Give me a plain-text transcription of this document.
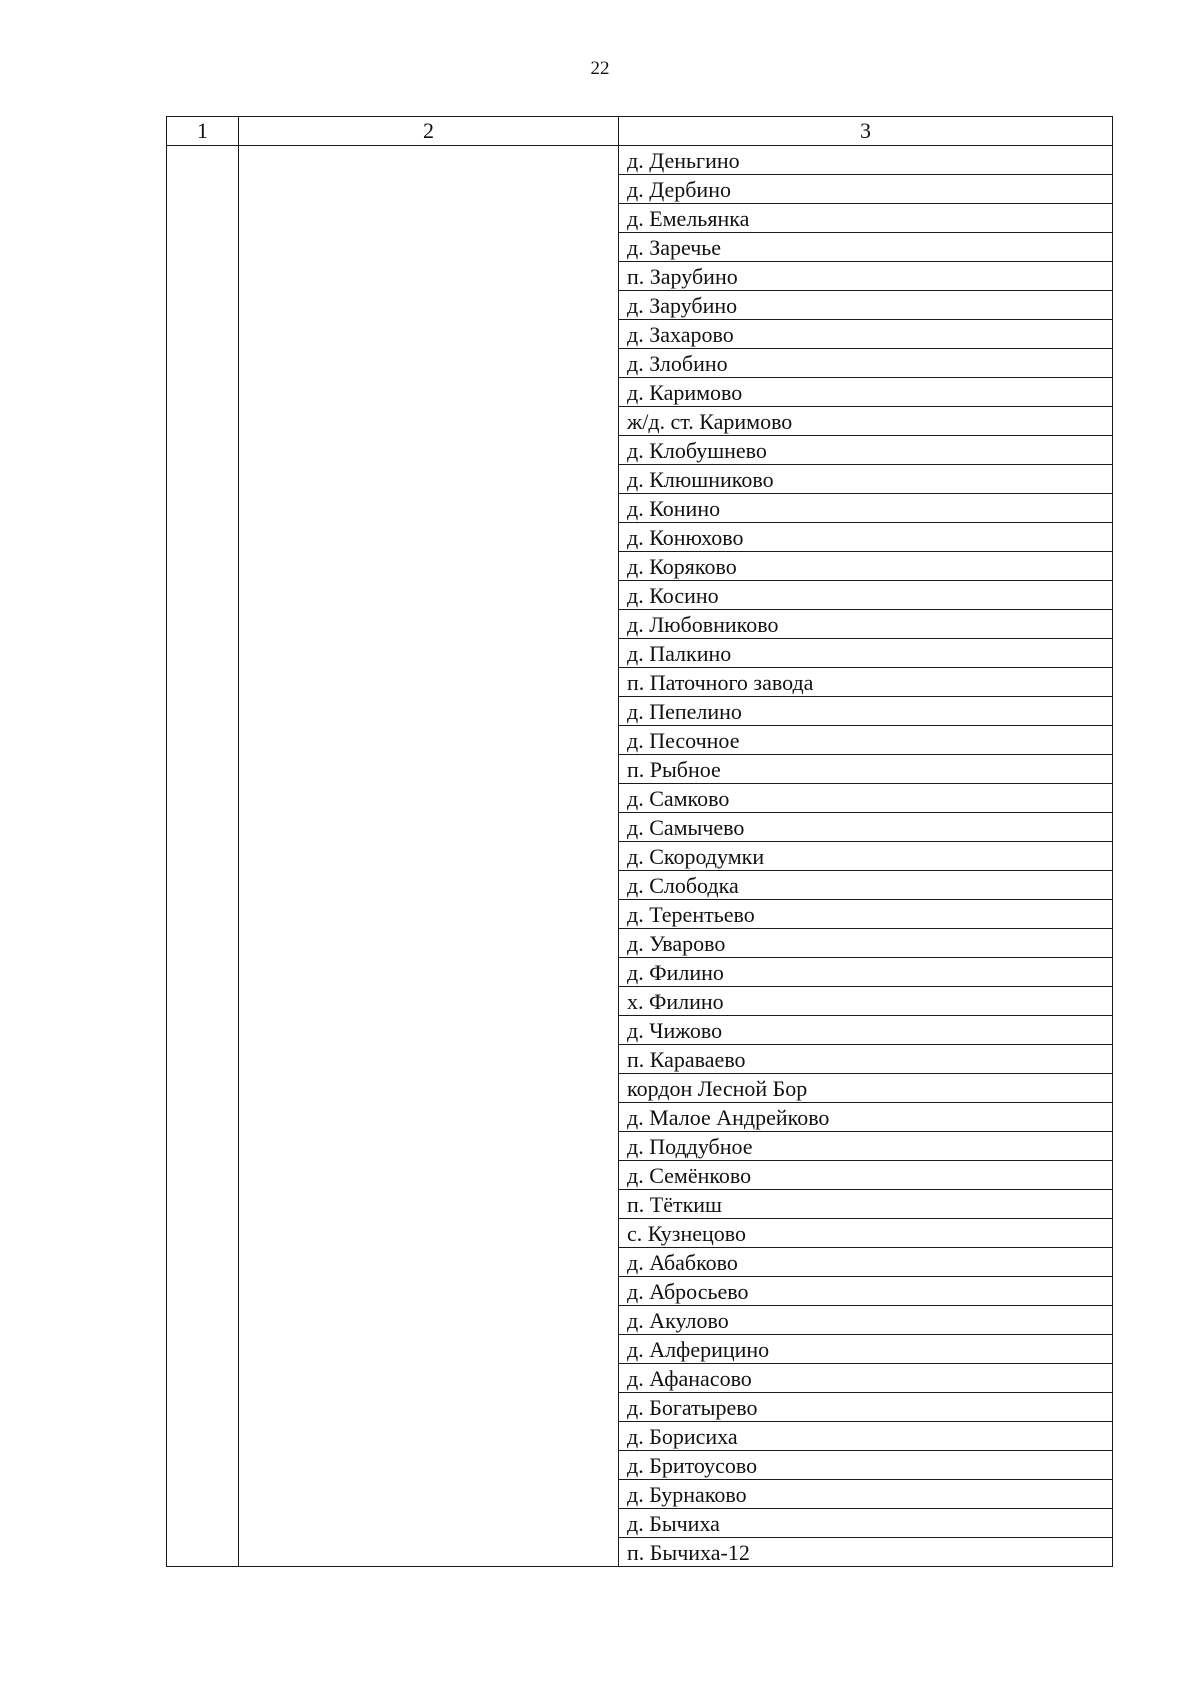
22
1	2	3
		д. Деньгино
		д. Дербино
		д. Емельянка
		д. Заречье
		п. Зарубино
		д. Зарубино
		д. Захарово
		д. Злобино
		д. Каримово
		ж/д. ст. Каримово
		д. Клобушнево
		д. Клюшниково
		д. Конино
		д. Конюхово
		д. Коряково
		д. Косино
		д. Любовниково
		д. Палкино
		п. Паточного завода
		д. Пепелино
		д. Песочное
		п. Рыбное
		д. Самково
		д. Самычево
		д. Скородумки
		д. Слободка
		д. Терентьево
		д. Уварово
		д. Филино
		х. Филино
		д. Чижово
		п. Караваево
		кордон Лесной Бор
		д. Малое Андрейково
		д. Поддубное
		д. Семёнково
		п. Тёткиш
		с. Кузнецово
		д. Абабково
		д. Абросьево
		д. Акулово
		д. Алферицино
		д. Афанасово
		д. Богатырево
		д. Борисиха
		д. Бритоусово
		д. Бурнаково
		д. Бычиха
		п. Бычиха-12
